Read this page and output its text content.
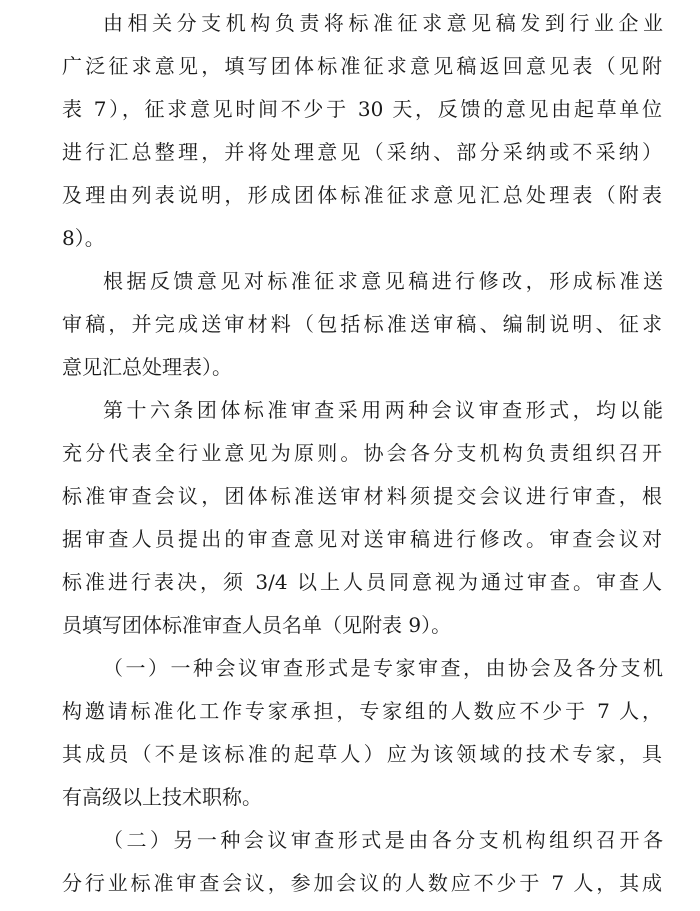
由相关分支机构负责将标准征求意见稿发到行业企业

广泛征求意见，填写团体标准征求意见稿返回意见表（见附

表 7），征求意见时间不少于 30 天，反馈的意见由起草单位

进行汇总整理，并将处理意见（采纳、部分采纳或不采纳）

及理由列表说明，形成团体标准征求意见汇总处理表（附表

8）。

根据反馈意见对标准征求意见稿进行修改，形成标准送

审稿，并完成送审材料（包括标准送审稿、编制说明、征求

意见汇总处理表）。

第十六条团体标准审查采用两种会议审查形式，均以能

充分代表全行业意见为原则。协会各分支机构负责组织召开

标准审查会议，团体标准送审材料须提交会议进行审查，根

据审查人员提出的审查意见对送审稿进行修改。审查会议对

标准进行表决，须 3/4 以上人员同意视为通过审查。审查人

员填写团体标准审查人员名单（见附表 9）。

（一）一种会议审查形式是专家审查，由协会及各分支机

构邀请标准化工作专家承担，专家组的人数应不少于 7 人，

其成员（不是该标准的起草人）应为该领域的技术专家，具

有高级以上技术职称。

（二）另一种会议审查形式是由各分支机构组织召开各

分行业标准审查会议，参加会议的人数应不少于 7 人，其成
